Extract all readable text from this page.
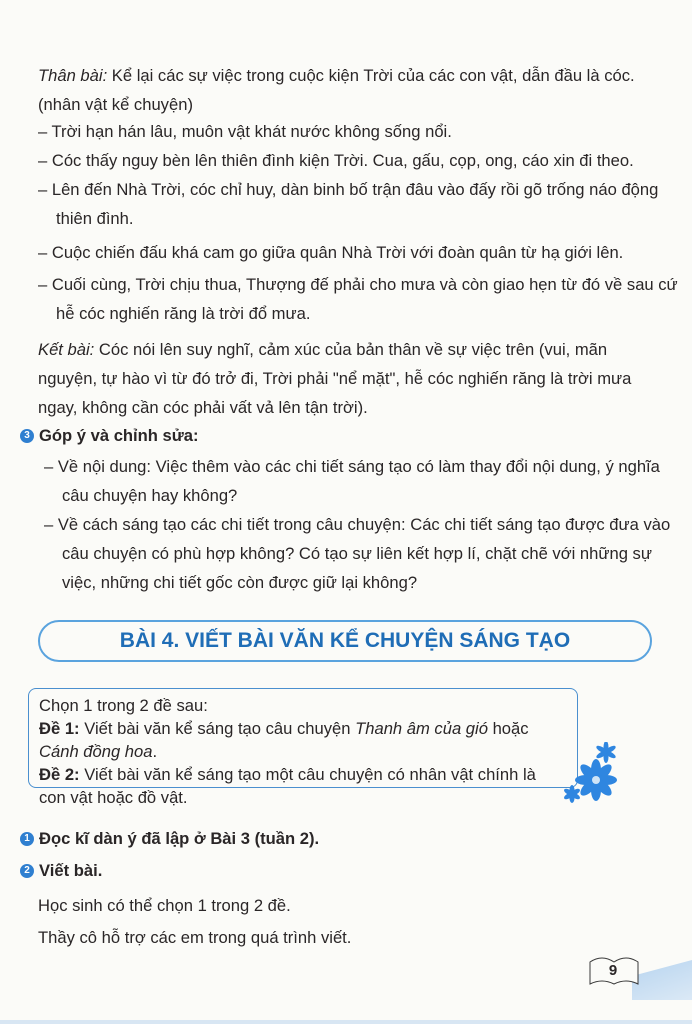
Thân bài: Kể lại các sự việc trong cuộc kiện Trời của các con vật, dẫn đầu là cóc. (nhân vật kể chuyện)
– Trời hạn hán lâu, muôn vật khát nước không sống nổi.
– Cóc thấy nguy bèn lên thiên đình kiện Trời. Cua, gấu, cọp, ong, cáo xin đi theo.
– Lên đến Nhà Trời, cóc chỉ huy, dàn binh bố trận đâu vào đấy rồi gõ trống náo động thiên đình.
– Cuộc chiến đấu khá cam go giữa quân Nhà Trời với đoàn quân từ hạ giới lên.
– Cuối cùng, Trời chịu thua, Thượng đế phải cho mưa và còn giao hẹn từ đó về sau cứ hễ cóc nghiến răng là trời đổ mưa.
Kết bài: Cóc nói lên suy nghĩ, cảm xúc của bản thân về sự việc trên (vui, mãn nguyện, tự hào vì từ đó trở đi, Trời phải "nể mặt", hễ cóc nghiến răng là trời mưa ngay, không cần cóc phải vất vả lên tận trời).
3 Góp ý và chỉnh sửa:
– Về nội dung: Việc thêm vào các chi tiết sáng tạo có làm thay đổi nội dung, ý nghĩa câu chuyện hay không?
– Về cách sáng tạo các chi tiết trong câu chuyện: Các chi tiết sáng tạo được đưa vào câu chuyện có phù hợp không? Có tạo sự liên kết hợp lí, chặt chẽ với những sự việc, những chi tiết gốc còn được giữ lại không?
BÀI 4. VIẾT BÀI VĂN KỂ CHUYỆN SÁNG TẠO
Chọn 1 trong 2 đề sau:
Đề 1: Viết bài văn kể sáng tạo câu chuyện Thanh âm của gió hoặc Cánh đồng hoa.
Đề 2: Viết bài văn kể sáng tạo một câu chuyện có nhân vật chính là con vật hoặc đồ vật.
1 Đọc kĩ dàn ý đã lập ở Bài 3 (tuần 2).
2 Viết bài.
Học sinh có thể chọn 1 trong 2 đề.
Thầy cô hỗ trợ các em trong quá trình viết.
9
